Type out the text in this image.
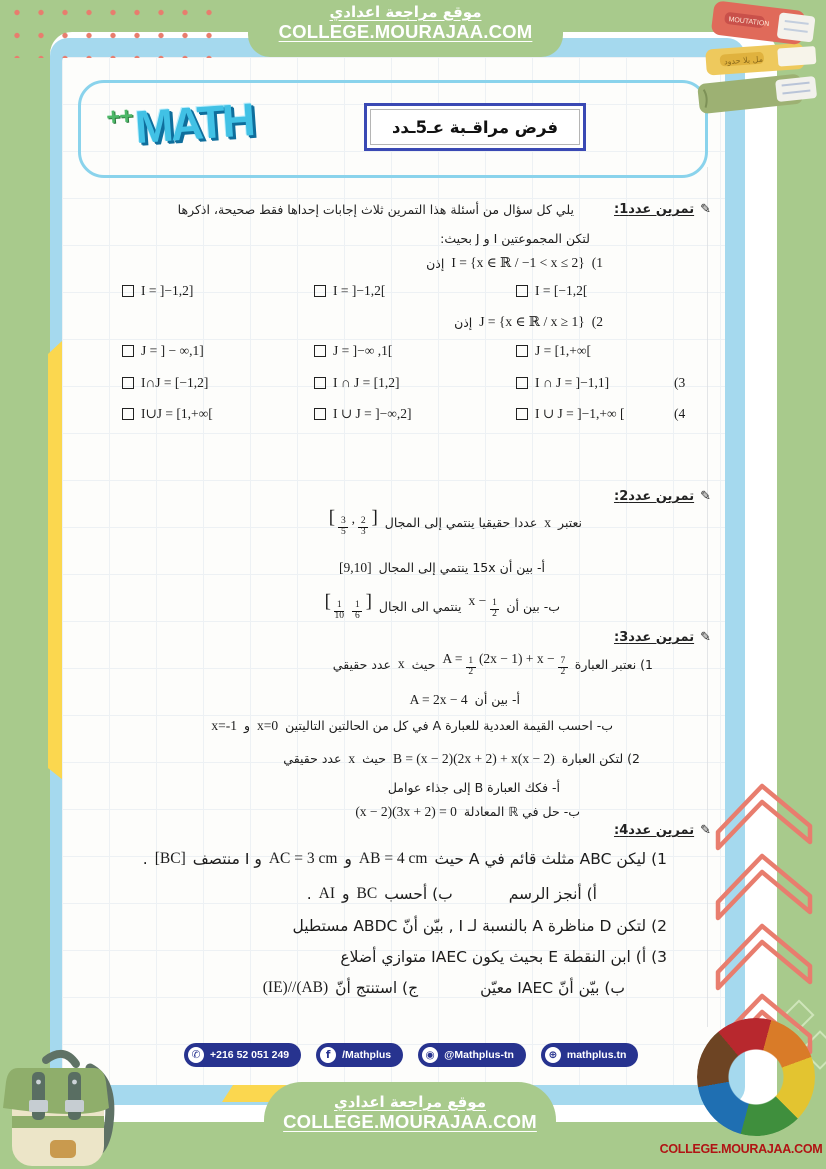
موقع مراجعة اعدادي
COLLEGE.MOURAJAA.COM
مل بلا حدود
MOUTATION
MATH++	فرض مراقـبة عـ5ـدد
✎
تمرين عدد1:
يلي كل سؤال من أسئلة هذا التمرين ثلاث إجابات إحداها فقط صحيحة، اذكرها
لتكن المجموعتين I و J بحيث:
(1
I = {x ∈ ℝ / −1 < x ≤ 2}
إذن
I = ]−1,2]	I = ]−1,2[	I = [−1,2[
(2
J = {x ∈ ℝ / x ≥ 1}
إذن
J = ] − ∞,1]	J = ]−∞ ,1[	J = [1,+∞[
I∩J = [−1,2]	I ∩ J = [1,2]	I ∩ J = ]−1,1]	(3
I∪J = [1,+∞[	I ∪ J = ]−∞,2]	I ∪ J = ]−1,+∞ [	(4
✎
تمرين عدد2:
نعتبر
x
عددا حقيقيا ينتمي إلى المجال
[ $\frac{3}{5}$ , $\frac{2}{3}$ ]
أ- بين أن 15x ينتمي إلى المجال
[9,10]
ب- بين أن
$x - \frac{1}{2}$
ينتمي الى الجال
[ $\frac{1}{10}$
$\frac{1}{6}$ ]
✎
تمرين عدد3:
1) نعتبر العبارة
$A = \frac{1}{2} (2x - 1) + x - \frac{7}{2}$
حيث
x
عدد حقيقي
أ- بين أن
A = 2x − 4
ب- احسب القيمة العددية للعبارة A في كل من الحالتين التاليتين
x=0
و
x=-1
2) لتكن العبارة
B = (x − 2)(2x + 2) + x(x − 2)
حيث
x
عدد حقيقي
أ- فكك العبارة B إلى جذاء عوامل
ب- حل في ℝ المعادلة
(x − 2)(3x + 2) = 0
✎
تمرين عدد4:
1) ليكن ABC مثلث قائم في A حيث
AB = 4 cm
و
AC = 3 cm
و I منتصف
[BC]
.
أ) أنجز الرسم
ب) أحسب
BC
و
AI
.
2) لتكن D مناظرة A بالنسبة لـ I , بيّن أنّ ABDC مستطيل
3) أ) ابن النقطة E بحيث يكون IAEC متوازي أضلاع
ب) بيّن أنّ IAEC معيّن
ج) استنتج أنّ
(IE)//(AB)
✆ +216 52 051 249	f	/Mathplus	◉ @Mathplus-tn	⊕ mathplus.tn
موقع مراجعة اعدادي
COLLEGE.MOURAJAA.COM
COLLEGE.MOURAJAA.COM
